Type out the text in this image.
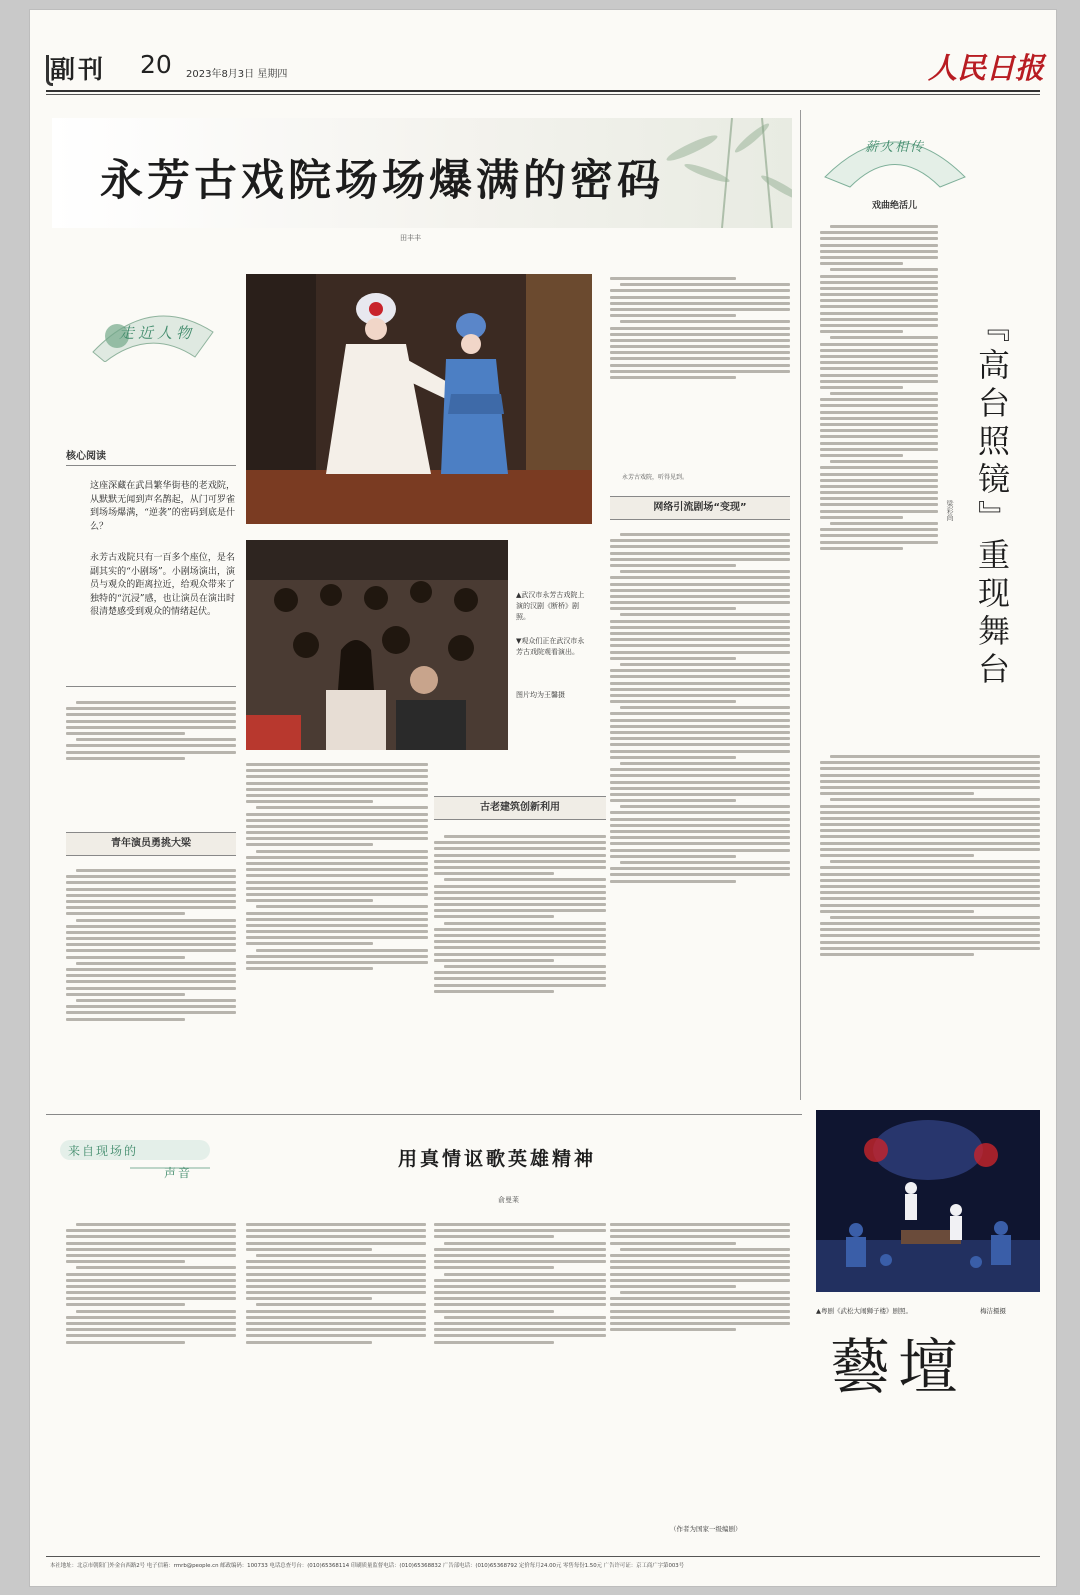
副刊 20 2023年8月3日 星期四	人民日报
永芳古戏院场场爆满的密码
田丰丰
走近人物
核心阅读
这座深藏在武昌繁华街巷的老戏院，从默默无闻到声名鹊起，从门可罗雀到场场爆满，“逆袭”的密码到底是什么？
永芳古戏院只有一百多个座位，是名副其实的“小剧场”。小剧场演出，演员与观众的距离拉近，给观众带来了独特的“沉浸”感，也让演员在演出时很清楚感受到观众的情绪起伏。
▲武汉市永芳古戏院上演的汉剧《断桥》剧照。
▼观众们正在武汉市永芳古戏院观看演出。
图片均为王馨摄
青年演员勇挑大梁
古老建筑创新利用
永芳古戏院，听得见到。
网络引流剧场“变现”
薪火相传
戏曲绝活儿
『高台照镜』重现舞台
梁彩尚
来自现场的
声音
用真情讴歌英雄精神
俞曼莱
（作者为国家一级编剧）
▲粤剧《武松大闹狮子楼》剧照。	梅洁摄摄
藝壇
本社地址：北京市朝阳门外金台西路2号 电子信箱：rmrb@people.cn 邮政编码：100733 电话总查号台：(010)65368114 印刷质量监督电话：(010)65368832 广告部电话：(010)65368792 定价每月24.00元 零售每份1.50元 广告许可证：京工商广字第003号
